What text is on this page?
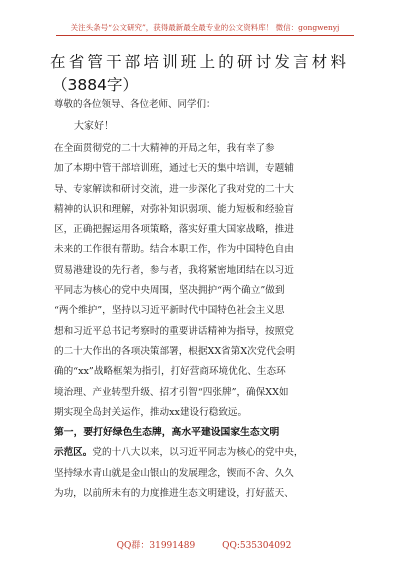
关注头条号“公文研究”，获得最新最全最专业的公文资料库！ 微信：gongwenyj
在省管干部培训班上的研讨发言材料
（3884字）
尊敬的各位领导、各位老师、同学们：
大家好！
在全面贯彻党的二十大精神的开局之年，我有幸了参
加了本期中管干部培训班，通过七天的集中培训，专题辅
导、专家解读和研讨交流，进一步深化了我对党的二十大
精神的认识和理解，对弥补知识弱项、能力短板和经验盲
区，正确把握运用各项策略，落实好重大国家战略，推进
未来的工作很有帮助。结合本职工作，作为中国特色自由
贸易港建设的先行者，参与者，我将紧密地团结在以习近
平同志为核心的党中央周围，坚决拥护“两个确立”做到
“两个维护”，坚持以习近平新时代中国特色社会主义思
想和习近平总书记考察时的重要讲话精神为指导，按照党
的二十大作出的各项决策部署，根据XX省第X次党代会明
确的“xx”战略框架为指引，打好营商环境优化、生态环
境治理、产业转型升级、招才引智“四张牌”，确保XX如
期实现全岛封关运作，推动xx建设行稳致远。
第一，要打好绿色生态牌，高水平建设国家生态文明
示范区。党的十八大以来，以习近平同志为核心的党中央，
坚持绿水青山就是金山银山的发展理念，锲而不舍、久久
为功，以前所未有的力度推进生态文明建设，打好蓝天、
QQ群：31991489	QQ:535304092
